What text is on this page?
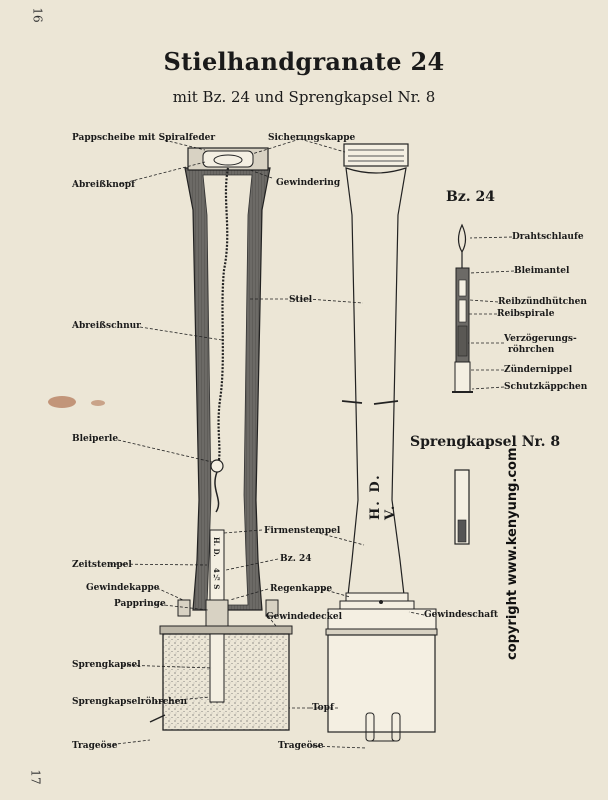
16
17
Stielhandgranate 24
mit Bz. 24 und Sprengkapsel Nr. 8
Pappscheibe mit Spiralfeder	Sicherungskappe
Abreißknopf	Gewindering
Stiel
Abreißschnur
Bleiperle
Firmenstempel
Bz. 24
Zeitstempel
Gewindekappe	Regenkappe
Pappringe
Gewindedeckel	Gewindeschaft
Sprengkapsel
Sprengkapselröhrchen
Topf
Trageöse	Trageöse
Bz. 24
Drahtschlaufe
Bleimantel
Reibzündhütchen
Reibspirale
Verzögerungs-
röhrchen
Zündernippel
Schutzkäppchen
Sprengkapsel Nr. 8
H. D.
4½ S
H. D. V.	copyright www.kenyung.com
